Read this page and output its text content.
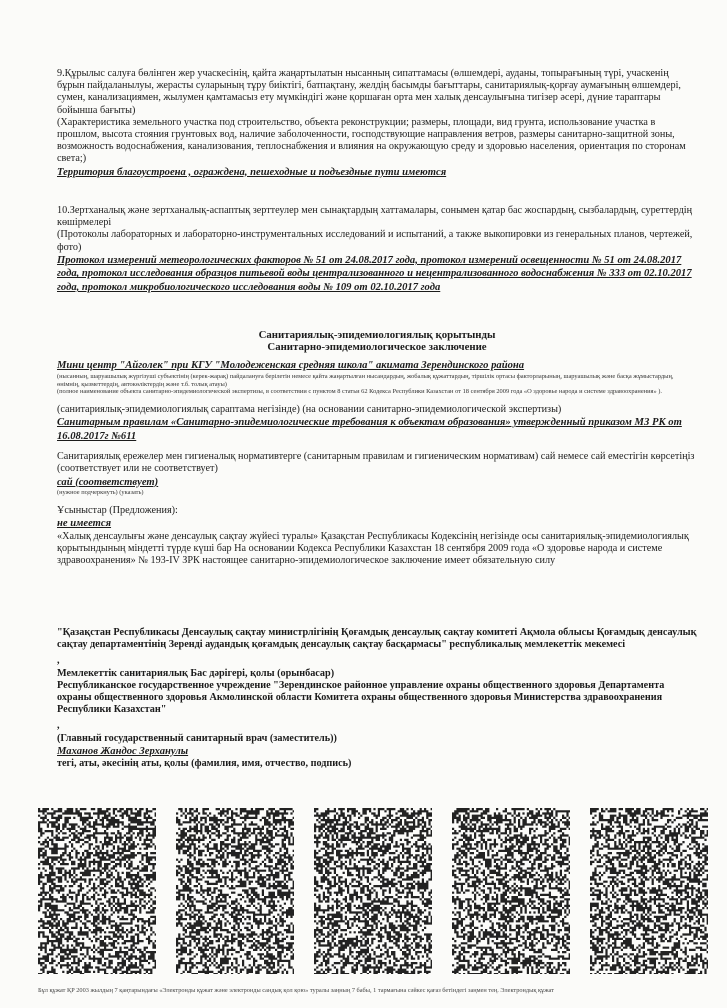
9.Құрылыс салуға бөлінген жер учаскесінің, қайта жаңартылатын нысанның сипаттамасы (өлшемдері, ауданы, топырағының түрі, учаскенің бұрын пайдаланылуы, жерасты суларының тұру биіктігі, батпақтану, желдің басымды бағыттары, санитариялық-қорғау аумағының өлшемдері, сумен, канализациямен, жылумен қамтамасыз ету мүмкіндігі және қоршаған орта мен халық денсаулығына тигізер әсері, дүние тараптары бойынша бағыты)

(Характеристика земельного участка под строительство, объекта реконструкции; размеры, площади, вид грунта, использование участка в прошлом, высота стояния грунтовых вод, наличие заболоченности, господствующие направления ветров, размеры санитарно-защитной зоны, возможность водоснабжения, канализования, теплоснабжения и влияния на окружающую среду и здоровью населения, ориентация по сторонам света;)

Территория благоустроена , ограждена, пешеходные и подъездные пути имеются

10.Зертханалық және зертханалық-аспаптық зерттеулер мен сынақтардың хаттамалары, сонымен қатар бас жоспардың, сызбалардың, суреттердің көшірмелері

(Протоколы лабораторных и лабораторно-инструментальных исследований и испытаний, а также выкопировки из генеральных планов, чертежей, фото)

Протокол измерений метеорологических факторов № 51 от 24.08.2017 года, протокол измерений освещенности № 51 от 24.08.2017 года, протокол исследования образцов питьевой воды централизованного и нецентрализованного водоснабжения № 333 от 02.10.2017 года, протокол микробиологического исследования воды № 109 от 02.10.2017 года

Санитариялық-эпидемиологиялық қорытынды

Санитарно-эпидемиологическое заключение

Мини центр "Айголек" при КГУ "Молодеженская средняя школа" акимата Зерендинского района

(нысанның, шаруашылық жүргізуші субъектінің (керек-жарақ) пайдалануға берілетін немесе қайта жаңартылған нысандардың, жобалық құжаттардың, тіршілік ортасы факторларының, шаруашылық және басқа жұмыстардың, өнімнің, қызметтердің, автокөліктердің және т.б. толық атауы)

(полное наименование объекта санитарно-эпидемиологической экспертизы, в соответствии с пунктом 8 статьи 62 Кодекса Республики Казахстан от 18 сентября 2009 года «О здоровье народа и системе здравоохранения» ).

(санитариялық-эпидемиологиялық сараптама негізінде) (на основании санитарно-эпидемиологической экспертизы)

Санитарным правилам «Санитарно-эпидемиологические требования к объектам образования» утвержденный приказом МЗ РК от 16.08.2017г №611

Санитариялық ережелер мен гигиеналық нормативтерге (санитарным правилам и гигиеническим нормативам) сай немесе сай еместігін көрсетіңіз (соответствует или не соответствует)

сай (соответствует)

(нужное подчеркнуть) (указать)

Ұсыныстар (Предложения):

не имеется

«Халық денсаулығы және денсаулық сақтау жүйесі туралы» Қазақстан Республикасы Кодексінің негізінде осы санитариялық-эпидемиологиялық қорытындының міндетті түрде күші бар На основании Кодекса Республики Казахстан 18 сентября 2009 года «О здоровье народа и системе здравоохранения» № 193-IV ЗРК настоящее санитарно-эпидемиологическое заключение имеет обязательную силу

"Қазақстан Республикасы Денсаулық сақтау министрлігінің Қоғамдық денсаулық сақтау комитеті Ақмола облысы Қоғамдық денсаулық сақтау департаментінің Зеренді аудандық қоғамдық денсаулық сақтау басқармасы" республикалық мемлекеттік мекемесі

,

Мемлекеттік санитариялық Бас дәрігері, қолы (орынбасар)

Республиканское государственное учреждение "Зерендинское районное управление охраны общественного здоровья Департамента охраны общественного здоровья Акмолинской области Комитета охраны общественного здоровья Министерства здравоохранения Республики Казахстан"

,

(Главный государственный санитарный врач (заместитель))

Маханов Жандос Зерханулы

тегі, аты, әкесінің аты, қолы (фамилия, имя, отчество, подпись)

Бұл құжат ҚР 2003 жылдың 7 қаңтарындағы «Электронды құжат және электронды сандық қол қою» туралы заңның 7 бабы, 1 тармағына сәйкес қағаз бетіндегі заңмен тең. Электрондық құжат
